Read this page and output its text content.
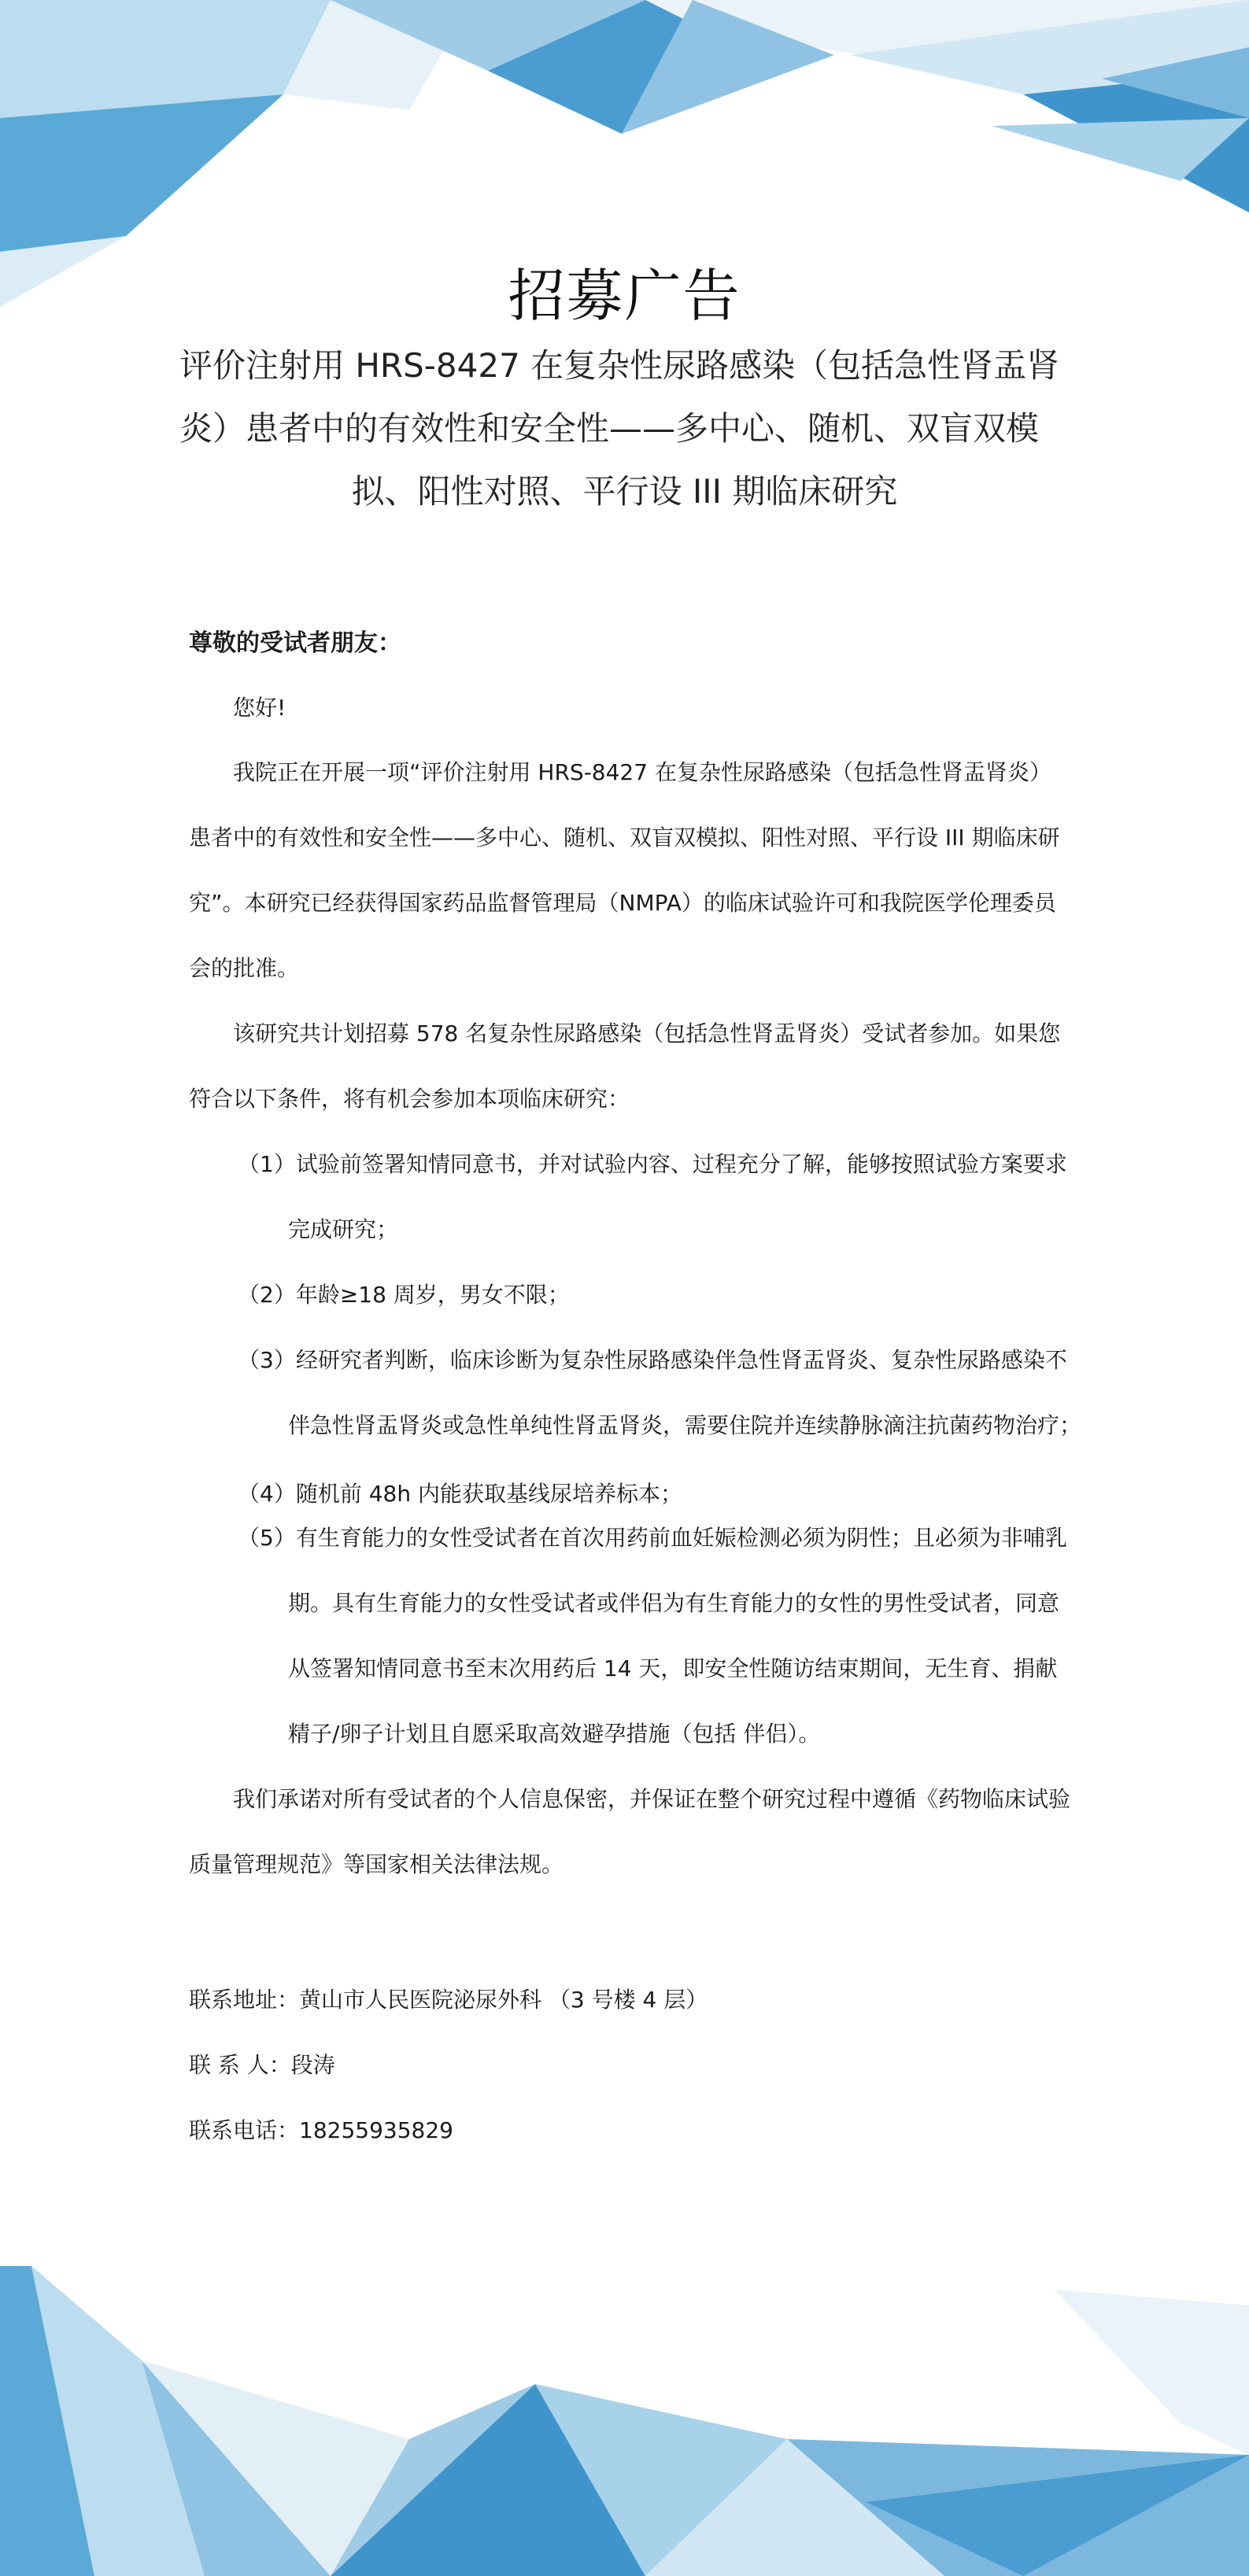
招募广告
评价注射用 HRS-8427 在复杂性尿路感染（包括急性肾盂肾
炎）患者中的有效性和安全性——多中心、随机、双盲双模
拟、阳性对照、平行设 III 期临床研究
尊敬的受试者朋友：
您好!
我院正在开展一项“评价注射用 HRS-8427 在复杂性尿路感染（包括急性肾盂肾炎）
患者中的有效性和安全性——多中心、随机、双盲双模拟、阳性对照、平行设 III 期临床研
究”。本研究已经获得国家药品监督管理局（NMPA）的临床试验许可和我院医学伦理委员
会的批准。
该研究共计划招募 578 名复杂性尿路感染（包括急性肾盂肾炎）受试者参加。如果您
符合以下条件，将有机会参加本项临床研究：
（1）试验前签署知情同意书，并对试验内容、过程充分了解，能够按照试验方案要求
完成研究；
（2）年龄≥18 周岁，男女不限；
（3）经研究者判断，临床诊断为复杂性尿路感染伴急性肾盂肾炎、复杂性尿路感染不
伴急性肾盂肾炎或急性单纯性肾盂肾炎，需要住院并连续静脉滴注抗菌药物治疗；
（4）随机前 48h 内能获取基线尿培养标本；
（5）有生育能力的女性受试者在首次用药前血妊娠检测必须为阴性；且必须为非哺乳
期。具有生育能力的女性受试者或伴侣为有生育能力的女性的男性受试者，同意
从签署知情同意书至末次用药后 14 天，即安全性随访结束期间，无生育、捐献
精子/卵子计划且自愿采取高效避孕措施（包括 伴侣）。
我们承诺对所有受试者的个人信息保密，并保证在整个研究过程中遵循《药物临床试验
质量管理规范》等国家相关法律法规。
联系地址：黄山市人民医院泌尿外科 （3 号楼 4 层）
联 系 人：段涛
联系电话：18255935829
